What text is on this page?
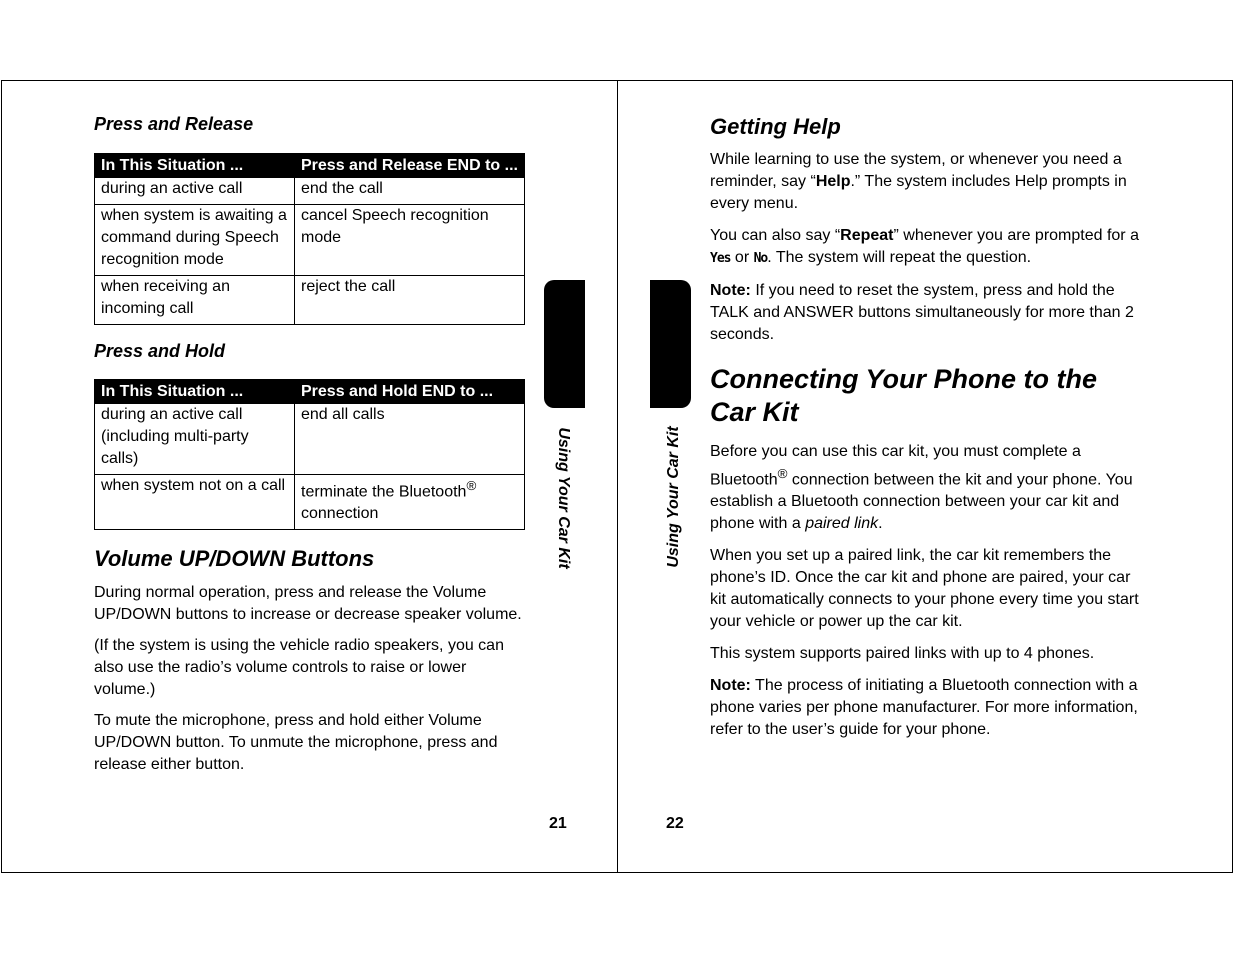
Press and Release
In This Situation ...	Press and Release END to ...
during an active call	end the call
when system is awaiting a command during Speech recognition mode	cancel Speech recognition mode
when receiving an incoming call	reject the call
Press and Hold
In This Situation ...	Press and Hold END to ...
during an active call (including multi-party calls)	end all calls
when system not on a call	terminate the Bluetooth® connection
Volume UP/DOWN Buttons

During normal operation, press and release the Volume UP/DOWN buttons to increase or decrease speaker volume.

(If the system is using the vehicle radio speakers, you can also use the radio’s volume controls to raise or lower volume.)

To mute the microphone, press and hold either Volume UP/DOWN button. To unmute the microphone, press and release either button.

Using Your Car Kit
21
Getting Help

While learning to use the system, or whenever you need a reminder, say “Help.” The system includes Help prompts in every menu.

You can also say “Repeat” whenever you are prompted for a Yes or No. The system will repeat the question.

Note: If you need to reset the system, press and hold the TALK and ANSWER buttons simultaneously for more than 2 seconds.

Connecting Your Phone to the Car Kit

Before you can use this car kit, you must complete a Bluetooth® connection between the kit and your phone. You establish a Bluetooth connection between your car kit and phone with a paired link.

When you set up a paired link, the car kit remembers the phone’s ID. Once the car kit and phone are paired, your car kit automatically connects to your phone every time you start your vehicle or power up the car kit.

This system supports paired links with up to 4 phones.

Note: The process of initiating a Bluetooth connection with a phone varies per phone manufacturer. For more information, refer to the user’s guide for your phone.

Using Your Car Kit
22
